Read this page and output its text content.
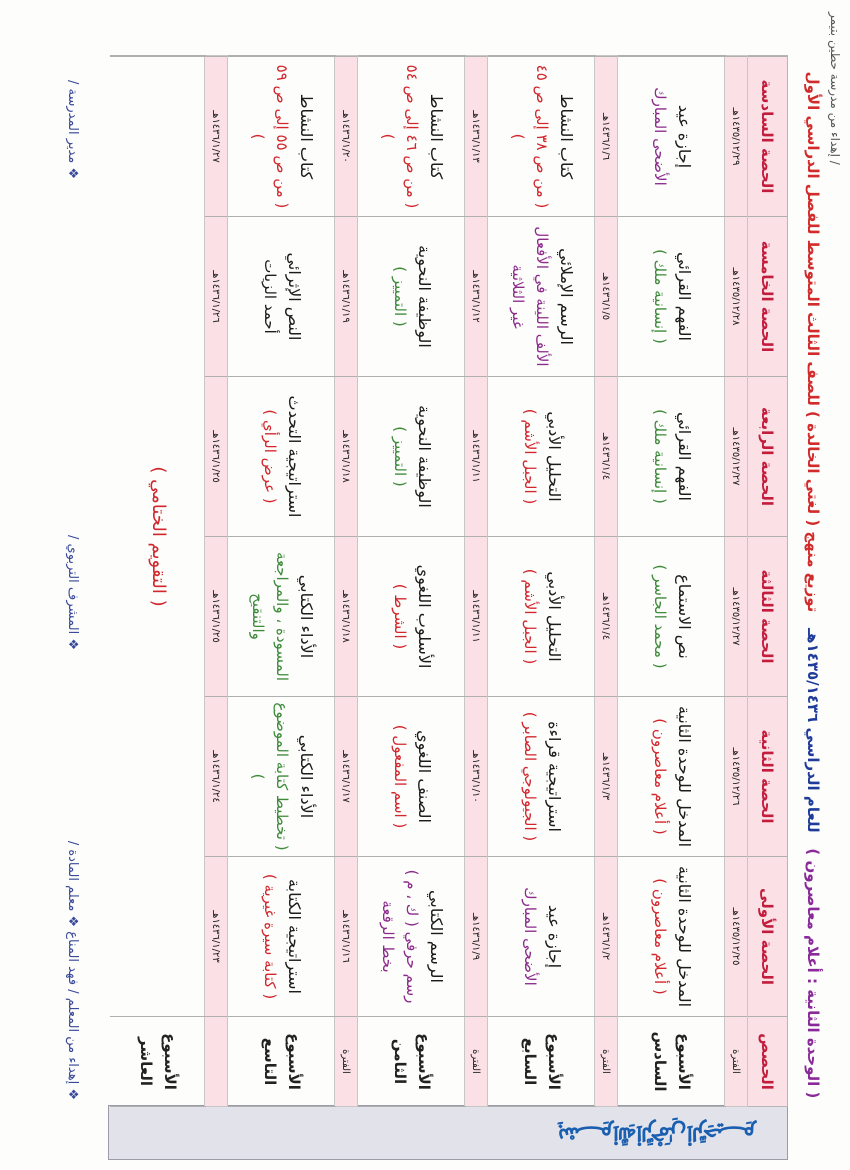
( الوحدة الثانية : أعلام معاصرون )   للعام الدراسي ١٤٣٥/١٤٣٦هـ   توزيع منهج ( لغتي الخالدة ) للصف الثالث المتوسط للفصل الدراسي الأول
﷽
الحصص
الحصة الأولى
الحصة الثانية
الحصة الثالثة
الحصة الرابعة
الحصة الخامسة
الحصة السادسة
الفترة
١٤٣٥/١٢/٢٥هـ
١٤٣٥/١٢/٢٦هـ
١٤٣٥/١٢/٢٧هـ
١٤٣٥/١٢/٢٧هـ
١٤٣٥/١٢/٢٨هـ
١٤٣٥/١٢/٢٩هـ
الأسبوع السادس
المدخل للوحدة الثانية
( أعلام معاصرون )
المدخل للوحدة الثانية
( أعلام معاصرون )
نص الاستماع
( محمد الجاسر )
الفهم القرائي
( إنسانية ملك )
الفهم القرائي
( إنسانية ملك )
إجازة عيد
الأضحى المبارك
الفترة
١٤٣٦/١/٢هـ
١٤٣٦/١/٣هـ
١٤٣٦/١/٤هـ
١٤٣٦/١/٤هـ
١٤٣٦/١/٥هـ
١٤٣٦/١/٦هـ
الأسبوع السابع
إجازة عيد
الأضحى المبارك
استراتيجية قراءة
( الجيولوجي الصابر )
التحليل الأدبي
( الجبل الأشم )
التحليل الأدبي
( الجبل الأشم )
الرسم الإملائي
الألف اللينة في الأفعال غير الثلاثية
كتاب النشاط
( من ص ٣٨ إلى ص ٤٥ )
الفترة
١٤٣٦/١/٩هـ
١٤٣٦/١/١٠هـ
١٤٣٦/١/١١هـ
١٤٣٦/١/١١هـ
١٤٣٦/١/١٢هـ
١٤٣٦/١/١٣هـ
الأسبوع الثامن
الرسم الكتابي
رسم حرفي ( ك ، م ) بخط الرقعة
الصنف اللغوي
( اسم المفعول )
الأسلوب اللغوي
( الشرط )
الوظيفة النحوية
( التمييز )
الوظيفة النحوية
( التمييز )
كتاب النشاط
( من ص ٤٦ إلى ص ٥٤ )
الفترة
١٤٣٦/١/١٦هـ
١٤٣٦/١/١٧هـ
١٤٣٦/١/١٨هـ
١٤٣٦/١/١٨هـ
١٤٣٦/١/١٩هـ
١٤٣٦/١/٢٠هـ
الأسبوع التاسع
استراتيجية الكتابة
( كتابة سيرة غيرية )
الأداء الكتابي
( تخطيط كتابة الموضوع )
الأداء الكتابي
المسودة ، والمراجعة والتنقيح
استراتيجية التحدث
( عرض الرأي )
النص الإثرائي
أحمد الزيات
كتاب النشاط
( من ص ٥٥ إلى ص ٥٩ )
١٤٣٦/١/٢٣هـ
١٤٣٦/١/٢٤هـ
١٤٣٦/١/٢٥هـ
١٤٣٦/١/٢٥هـ
١٤٣٦/١/٢٦هـ
١٤٣٦/١/٢٧هـ
الأسبوع العاشر
( التقويم الختامي )
❖ إهداء من المعلم / فهد المناع ❖ معلم المادة /
❖ المشرف التربوي /
❖ مدير المدرسة /	إهداء من مدرسة حطين بتيمر /
